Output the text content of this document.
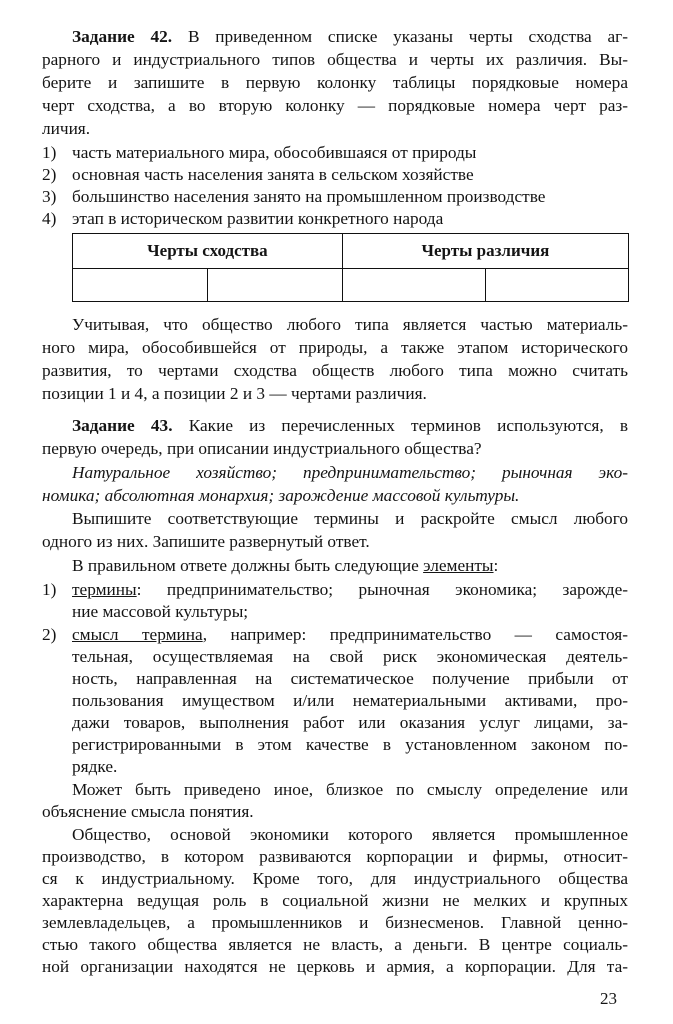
Задание 42. В приведенном списке указаны черты сходства аг-
рарного и индустриального типов общества и черты их различия. Вы-
берите и запишите в первую колонку таблицы порядковые номера
черт сходства, а во вторую колонку — порядковые номера черт раз-
личия.
1) часть материального мира, обособившаяся от природы
2) основная часть населения занята в сельском хозяйстве
3) большинство населения занято на промышленном производстве
4) этап в историческом развитии конкретного народа
Черты сходства		Черты различия	

Учитывая, что общество любого типа является частью материаль-
ного мира, обособившейся от природы, а также этапом исторического
развития, то чертами сходства обществ любого типа можно считать
позиции 1 и 4, а позиции 2 и 3 — чертами различия.
Задание 43. Какие из перечисленных терминов используются, в
первую очередь, при описании индустриального общества?
Натуральное хозяйство; предпринимательство; рыночная эко-
номика; абсолютная монархия; зарождение массовой культуры.
Выпишите соответствующие термины и раскройте смысл любого
одного из них. Запишите развернутый ответ.
В правильном ответе должны быть следующие элементы:
1) термины: предпринимательство; рыночная экономика; зарожде-
ние массовой культуры;
2) смысл термина, например: предпринимательство — самостоя-
тельная, осуществляемая на свой риск экономическая деятель-
ность, направленная на систематическое получение прибыли от
пользования имуществом и/или нематериальными активами, про-
дажи товаров, выполнения работ или оказания услуг лицами, за-
регистрированными в этом качестве в установленном законом по-
рядке.
Может быть приведено иное, близкое по смыслу определение или
объяснение смысла понятия.
Общество, основой экономики которого является промышленное
производство, в котором развиваются корпорации и фирмы, относит-
ся к индустриальному. Кроме того, для индустриального общества
характерна ведущая роль в социальной жизни не мелких и крупных
землевладельцев, а промышленников и бизнесменов. Главной ценно-
стью такого общества является не власть, а деньги. В центре социаль-
ной организации находятся не церковь и армия, а корпорации. Для та-
23
